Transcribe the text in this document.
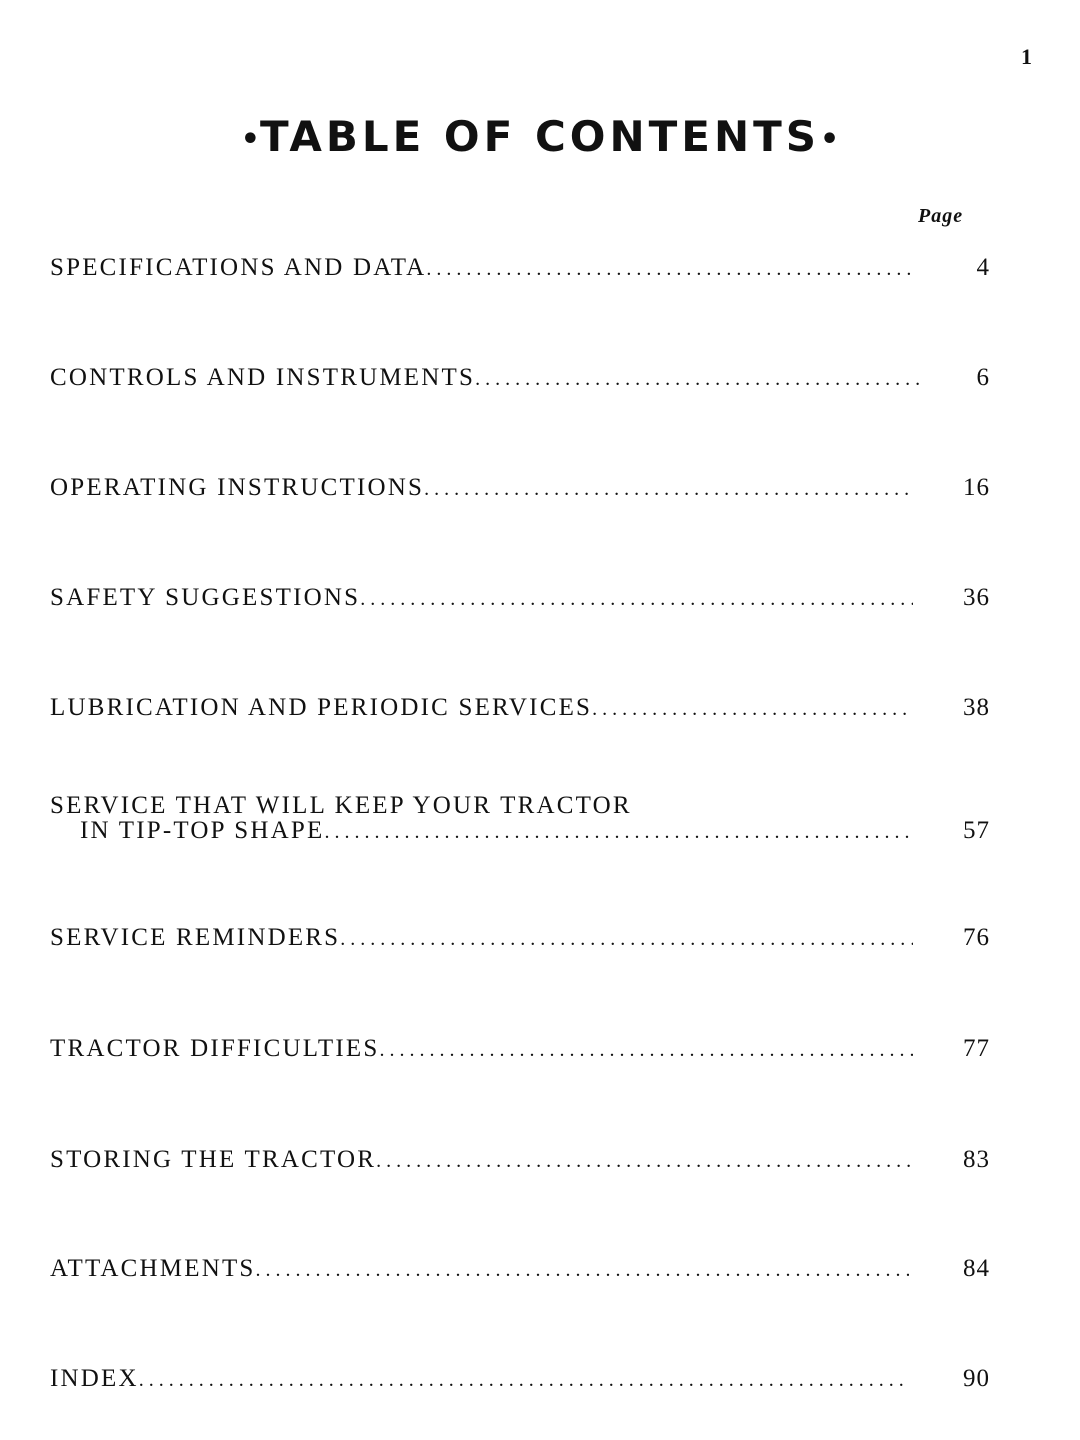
1
•TABLE OF CONTENTS•
Page
SPECIFICATIONS AND DATA . . .	4
CONTROLS AND INSTRUMENTS . . .	6
OPERATING INSTRUCTIONS . . .	16
SAFETY SUGGESTIONS . . .	36
LUBRICATION AND PERIODIC SERVICES . . .	38
SERVICE THAT WILL KEEP YOUR TRACTOR
IN TIP-TOP SHAPE . . .	57
SERVICE REMINDERS . . .	76
TRACTOR DIFFICULTIES . . .	77
STORING THE TRACTOR . . .	83
ATTACHMENTS . . .	84
INDEX . . .	90
